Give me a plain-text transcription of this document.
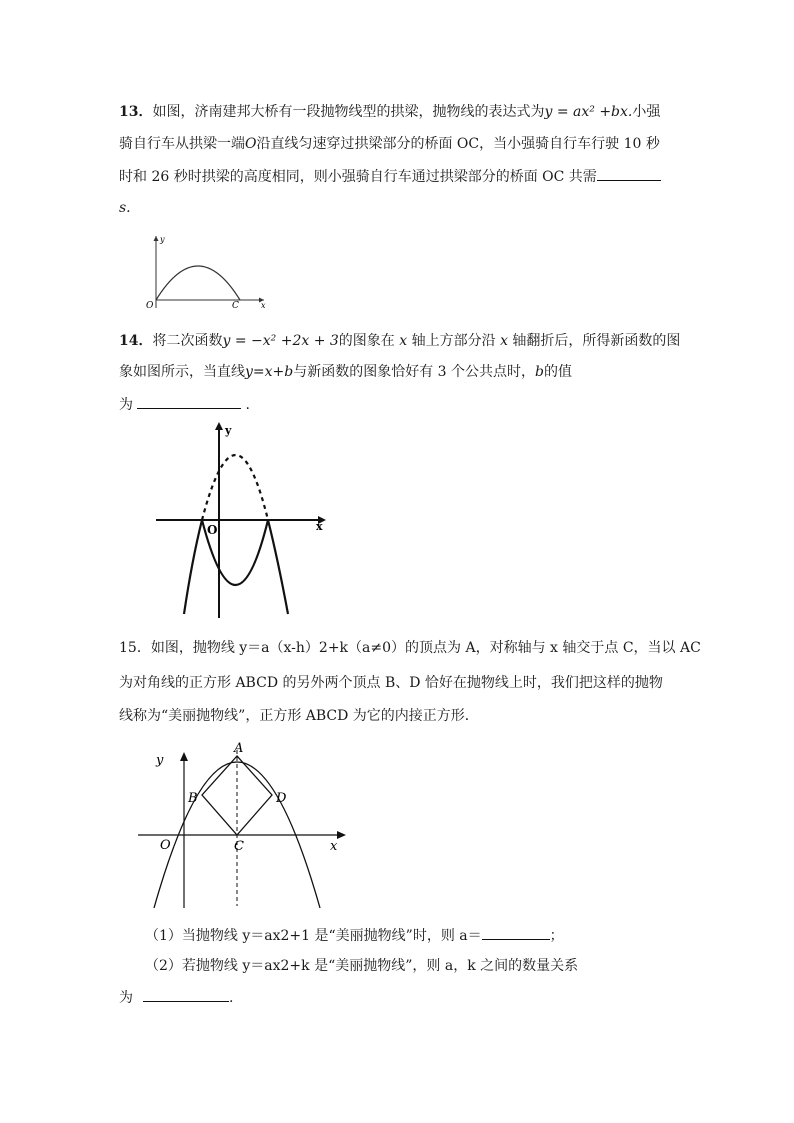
13．如图，济南建邦大桥有一段抛物线型的拱梁，抛物线的表达式为y = ax² +bx.小强
骑自行车从拱梁一端O沿直线匀速穿过拱梁部分的桥面 OC，当小强骑自行车行驶 10 秒
时和 26 秒时拱梁的高度相同，则小强骑自行车通过拱梁部分的桥面 OC 共需
s.
y
x
O	C
14．将二次函数y = −x² +2x + 3的图象在 x 轴上方部分沿 x 轴翻折后，所得新函数的图
象如图所示，当直线y=x+b与新函数的图象恰好有 3 个公共点时，b的值
为	.
y
x
O
15．如图，抛物线 y＝a（x-h）2+k（a≠0）的顶点为 A，对称轴与 x 轴交于点 C，当以 AC
为对角线的正方形 ABCD 的另外两个顶点 B、D 恰好在抛物线上时，我们把这样的抛物
线称为“美丽抛物线”，正方形 ABCD 为它的内接正方形．
y
x
O
A
B
C
D
（1）当抛物线 y＝ax2+1 是“美丽抛物线”时，则 a＝	；
（2）若抛物线 y＝ax2+k 是“美丽抛物线”，则 a，k 之间的数量关系
为	.
